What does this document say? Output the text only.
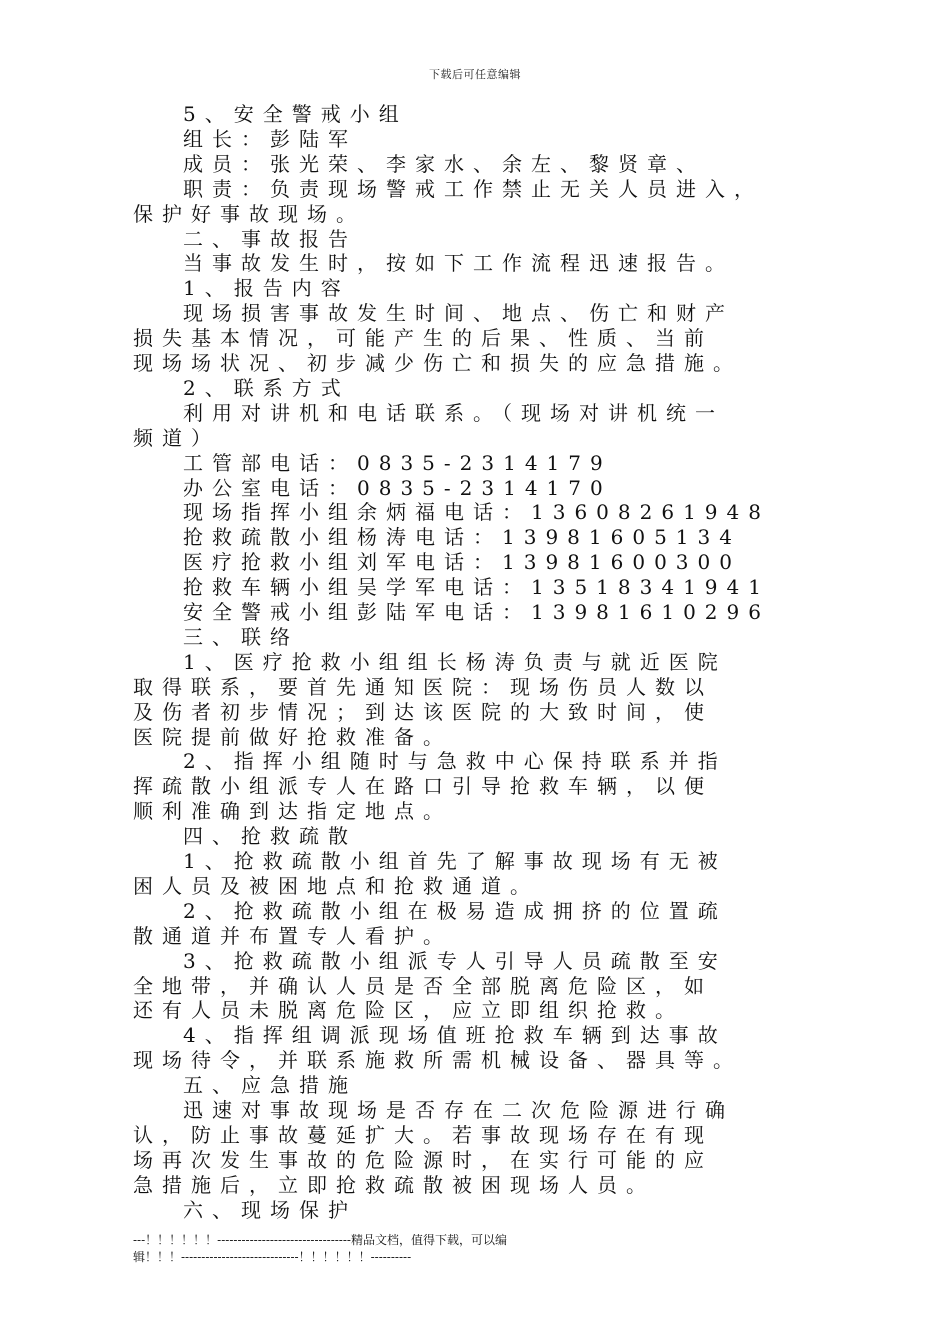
下载后可任意编辑
5、安全警戒小组
组长：彭陆军
成员：张光荣、李家水、余左、黎贤章、
职责：负责现场警戒工作禁止无关人员进入，
保护好事故现场。
二、事故报告
当事故发生时，按如下工作流程迅速报告。
1、报告内容
现场损害事故发生时间、地点、伤亡和财产
损失基本情况，可能产生的后果、性质、当前
现场场状况、初步减少伤亡和损失的应急措施。
2、联系方式
利用对讲机和电话联系。（现场对讲机统一
频道）
工管部电话：0835-2314179
办公室电话：0835-2314170
现场指挥小组余炳福电话：13608261948
抢救疏散小组杨涛电话：13981605134
医疗抢救小组刘军电话：13981600300
抢救车辆小组吴学军电话：13518341941
安全警戒小组彭陆军电话：13981610296
三、联络
1、医疗抢救小组组长杨涛负责与就近医院
取得联系，要首先通知医院：现场伤员人数以
及伤者初步情况；到达该医院的大致时间，使
医院提前做好抢救准备。
2、指挥小组随时与急救中心保持联系并指
挥疏散小组派专人在路口引导抢救车辆，以便
顺利准确到达指定地点。
四、抢救疏散
1、抢救疏散小组首先了解事故现场有无被
困人员及被困地点和抢救通道。
2、抢救疏散小组在极易造成拥挤的位置疏
散通道并布置专人看护。
3、抢救疏散小组派专人引导人员疏散至安
全地带，并确认人员是否全部脱离危险区，如
还有人员未脱离危险区，应立即组织抢救。
4、指挥组调派现场值班抢救车辆到达事故
现场待令，并联系施救所需机械设备、器具等。
五、应急措施
迅速对事故现场是否存在二次危险源进行确
认，防止事故蔓延扩大。若事故现场存在有现
场再次发生事故的危险源时，在实行可能的应
急措施后，立即抢救疏散被困现场人员。
六、现场保护
---！！！！！！---------------------------------精品文档，值得下载，可以编
辑！！！-----------------------------！！！！！！----------
